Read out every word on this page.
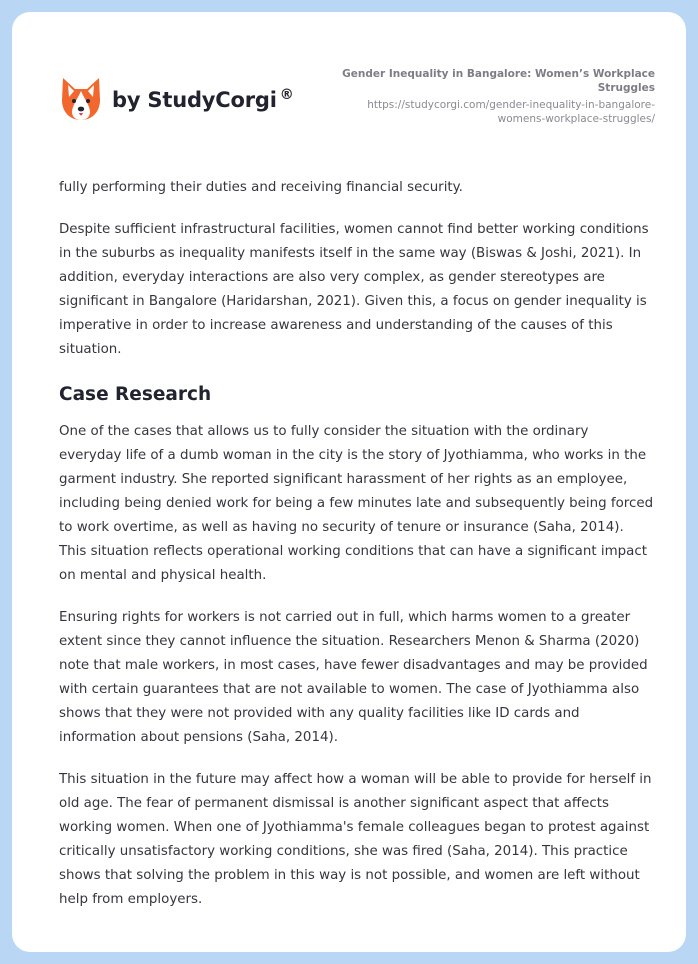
by StudyCorgi ®
Gender Inequality in Bangalore: Women’s Workplace Struggles
https://studycorgi.com/gender-inequality-in-bangalore-womens-workplace-struggles/

fully performing their duties and receiving financial security.

Despite sufficient infrastructural facilities, women cannot find better working conditions in the suburbs as inequality manifests itself in the same way (Biswas & Joshi, 2021). In addition, everyday interactions are also very complex, as gender stereotypes are significant in Bangalore (Haridarshan, 2021). Given this, a focus on gender inequality is imperative in order to increase awareness and understanding of the causes of this situation.

Case Research

One of the cases that allows us to fully consider the situation with the ordinary everyday life of a dumb woman in the city is the story of Jyothiamma, who works in the garment industry. She reported significant harassment of her rights as an employee, including being denied work for being a few minutes late and subsequently being forced to work overtime, as well as having no security of tenure or insurance (Saha, 2014). This situation reflects operational working conditions that can have a significant impact on mental and physical health.

Ensuring rights for workers is not carried out in full, which harms women to a greater extent since they cannot influence the situation. Researchers Menon & Sharma (2020) note that male workers, in most cases, have fewer disadvantages and may be provided with certain guarantees that are not available to women. The case of Jyothiamma also shows that they were not provided with any quality facilities like ID cards and information about pensions (Saha, 2014).

This situation in the future may affect how a woman will be able to provide for herself in old age. The fear of permanent dismissal is another significant aspect that affects working women. When one of Jyothiamma's female colleagues began to protest against critically unsatisfactory working conditions, she was fired (Saha, 2014). This practice shows that solving the problem in this way is not possible, and women are left without help from employers.
